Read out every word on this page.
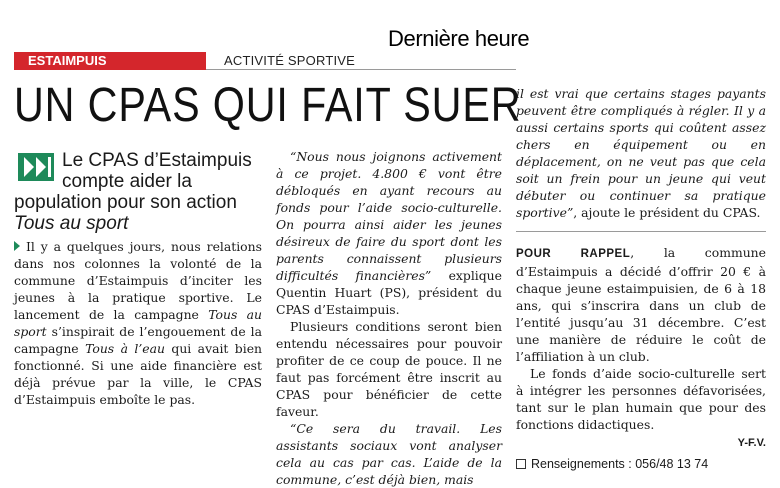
Dernière heure
ESTAIMPUIS	ACTIVITÉ SPORTIVE
UN CPAS QUI FAIT SUER
Le CPAS d’Estaimpuis
compte aider la
population pour son action
Tous au sport

Il y a quelques jours, nous relations dans nos colonnes la volonté de la commune d’Estaimpuis d’inciter les jeunes à la pratique sportive. Le lancement de la campagne Tous au sport s’inspirait de l’engouement de la campagne Tous à l’eau qui avait bien fonctionné. Si une aide financière est déjà prévue par la ville, le CPAS d’Estaimpuis emboîte le pas.

“Nous nous joignons activement à ce projet. 4.800 € vont être débloqués en ayant recours au fonds pour l’aide socio-culturelle. On pourra ainsi aider les jeunes désireux de faire du sport dont les parents connaissent plusieurs difficultés financières” explique Quentin Huart (PS), président du CPAS d’Estaimpuis.

Plusieurs conditions seront bien entendu nécessaires pour pouvoir profiter de ce coup de pouce. Il ne faut pas forcément être inscrit au CPAS pour bénéficier de cette faveur.

“Ce sera du travail. Les assistants sociaux vont analyser cela au cas par cas. L’aide de la commune, c’est déjà bien, mais

il est vrai que certains stages payants peuvent être compliqués à régler. Il y a aussi certains sports qui coûtent assez chers en équipement ou en déplacement, on ne veut pas que cela soit un frein pour un jeune qui veut débuter ou continuer sa pratique sportive”, ajoute le président du CPAS.

POUR RAPPEL, la commune d’Estaimpuis a décidé d’offrir 20 € à chaque jeune estaimpuisien, de 6 à 18 ans, qui s’inscrira dans un club de l’entité jusqu’au 31 décembre. C’est une manière de réduire le coût de l’affiliation à un club.

Le fonds d’aide socio-culturelle sert à intégrer les personnes défavorisées, tant sur le plan humain que pour des fonctions didactiques.

Y-F.V.
Renseignements : 056/48 13 74
